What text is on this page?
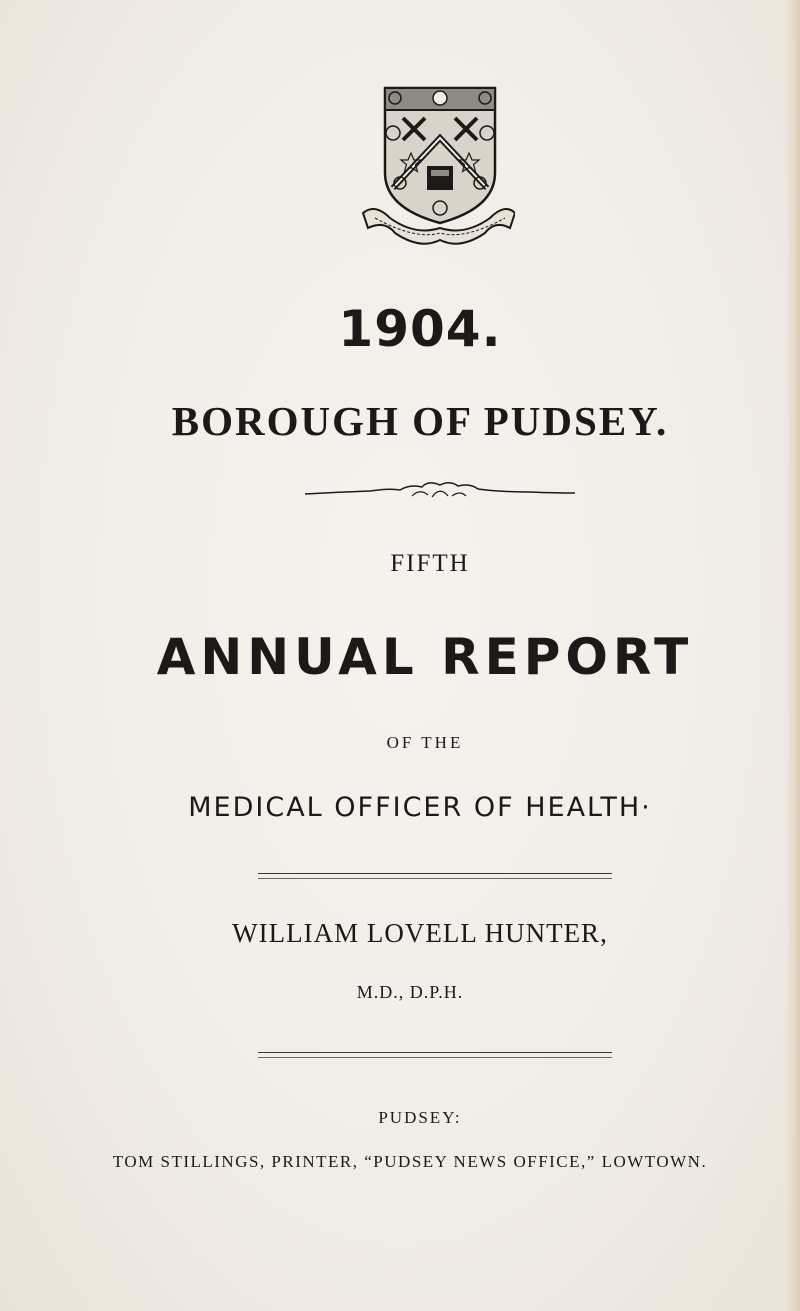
1904.
BOROUGH OF PUDSEY.
FIFTH
ANNUAL REPORT
OF THE
MEDICAL OFFICER OF HEALTH·
WILLIAM LOVELL HUNTER,
M.D., D.P.H.
PUDSEY:
TOM STILLINGS, PRINTER, “PUDSEY NEWS OFFICE,” LOWTOWN.
